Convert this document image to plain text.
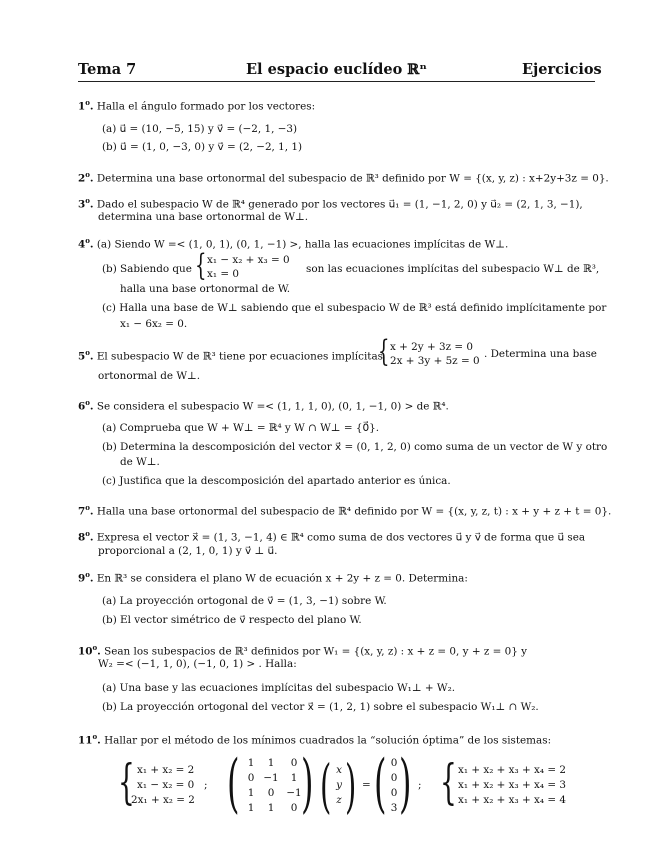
Tema 7	El espacio euclídeo ℝⁿ	Ejercicios
1$^o$. Halla el ángulo formado por los vectores:
(a) u⃗ = (10, −5, 15) y v⃗ = (−2, 1, −3)
(b) u⃗ = (1, 0, −3, 0) y v⃗ = (2, −2, 1, 1)
2$^o$. Determina una base ortonormal del subespacio de ℝ³ definido por W = {(x, y, z) : x+2y+3z = 0}.
3$^o$. Dado el subespacio W de ℝ⁴ generado por los vectores u⃗₁ = (1, −1, 2, 0) y u⃗₂ = (2, 1, 3, −1),
determina una base ortonormal de W⊥.
4$^o$. (a) Siendo W =< (1, 0, 1), (0, 1, −1) >, halla las ecuaciones implícitas de W⊥.
(b) Sabiendo que { x₁ − x₂ + x₃ = 0
x₁ = 0	son las ecuaciones implícitas del subespacio W⊥ de ℝ³,
halla una base ortonormal de W.
(c) Halla una base de W⊥ sabiendo que el subespacio W de ℝ³ está definido implícitamente por
x₁ − 6x₂ = 0.
5$^o$. El subespacio W de ℝ³ tiene por ecuaciones implícitas
{ x + 2y + 3z = 0
2x + 3y + 5z = 0
. Determina una base
ortonormal de W⊥.
6$^o$. Se considera el subespacio W =< (1, 1, 1, 0), (0, 1, −1, 0) > de ℝ⁴.
(a) Comprueba que W + W⊥ = ℝ⁴ y W ∩ W⊥ = {0⃗}.
(b) Determina la descomposición del vector x⃗ = (0, 1, 2, 0) como suma de un vector de W y otro
de W⊥.
(c) Justifica que la descomposición del apartado anterior es única.
7$^o$. Halla una base ortonormal del subespacio de ℝ⁴ definido por W = {(x, y, z, t) : x + y + z + t = 0}.
8$^o$. Expresa el vector x⃗ = (1, 3, −1, 4) ∈ ℝ⁴ como suma de dos vectores u⃗ y v⃗ de forma que u⃗ sea
proporcional a (2, 1, 0, 1) y v⃗ ⊥ u⃗.
9$^o$. En ℝ³ se considera el plano W de ecuación x + 2y + z = 0. Determina:
(a) La proyección ortogonal de v⃗ = (1, 3, −1) sobre W.
(b) El vector simétrico de v⃗ respecto del plano W.
10$^o$. Sean los subespacios de ℝ³ definidos por W₁ = {(x, y, z) : x + z = 0, y + z = 0} y
W₂ =< (−1, 1, 0), (−1, 0, 1) > . Halla:
(a) Una base y las ecuaciones implícitas del subespacio W₁⊥ + W₂.
(b) La proyección ortogonal del vector x⃗ = (1, 2, 1) sobre el subespacio W₁⊥ ∩ W₂.
11$^o$. Hallar por el método de los mínimos cuadrados la “solución óptima” de los sistemas:
{ x₁ + x₂ = 2
x₁ − x₂ = 0
2x₁ + x₂ = 2
; ( )
1	1	0
0 −1	1
1	0	−1
1	1	0 ( )
x
y
z
= ( )
0
0
0
3
; { x₁ + x₂ + x₃ + x₄ = 2
x₁ + x₂ + x₃ + x₄ = 3
x₁ + x₂ + x₃ + x₄ = 4
